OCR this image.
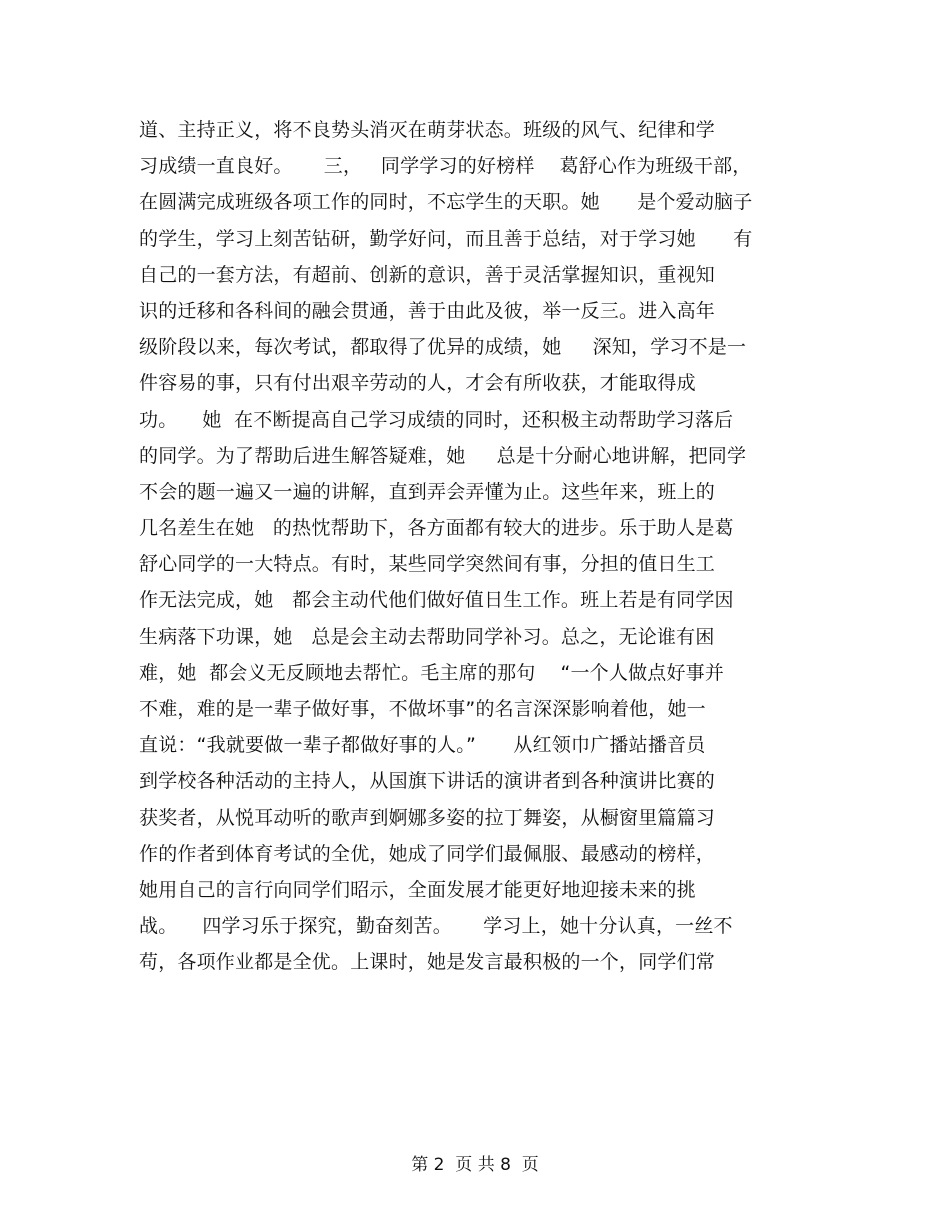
道、主持正义，将不良势头消灭在萌芽状态。班级的风气、纪律和学
习成绩一直良好。     三，   同学学习的好榜样    葛舒心作为班级干部，
在圆满完成班级各项工作的同时，不忘学生的天职。她      是个爱动脑子
的学生，学习上刻苦钻研，勤学好问，而且善于总结，对于学习她      有
自己的一套方法，有超前、创新的意识，善于灵活掌握知识，重视知
识的迁移和各科间的融会贯通，善于由此及彼，举一反三。进入高年
级阶段以来，每次考试，都取得了优异的成绩，她     深知，学习不是一
件容易的事，只有付出艰辛劳动的人，才会有所收获，才能取得成
功。    她  在不断提高自己学习成绩的同时，还积极主动帮助学习落后
的同学。为了帮助后进生解答疑难，她     总是十分耐心地讲解，把同学
不会的题一遍又一遍的讲解，直到弄会弄懂为止。这些年来，班上的
几名差生在她   的热忱帮助下，各方面都有较大的进步。乐于助人是葛
舒心同学的一大特点。有时，某些同学突然间有事，分担的值日生工
作无法完成，她   都会主动代他们做好值日生工作。班上若是有同学因
生病落下功课，她   总是会主动去帮助同学补习。总之，无论谁有困
难，她  都会义无反顾地去帮忙。毛主席的那句    “一个人做点好事并
不难，难的是一辈子做好事，不做坏事”的名言深深影响着他，她一
直说：“我就要做一辈子都做好事的人。”      从红领巾广播站播音员
到学校各种活动的主持人，从国旗下讲话的演讲者到各种演讲比赛的
获奖者，从悦耳动听的歌声到婀娜多姿的拉丁舞姿，从橱窗里篇篇习
作的作者到体育考试的全优，她成了同学们最佩服、最感动的榜样，
她用自己的言行向同学们昭示，全面发展才能更好地迎接未来的挑
战。    四学习乐于探究，勤奋刻苦。     学习上，她十分认真，一丝不
苟，各项作业都是全优。上课时，她是发言最积极的一个，同学们常
第 2  页 共 8  页
